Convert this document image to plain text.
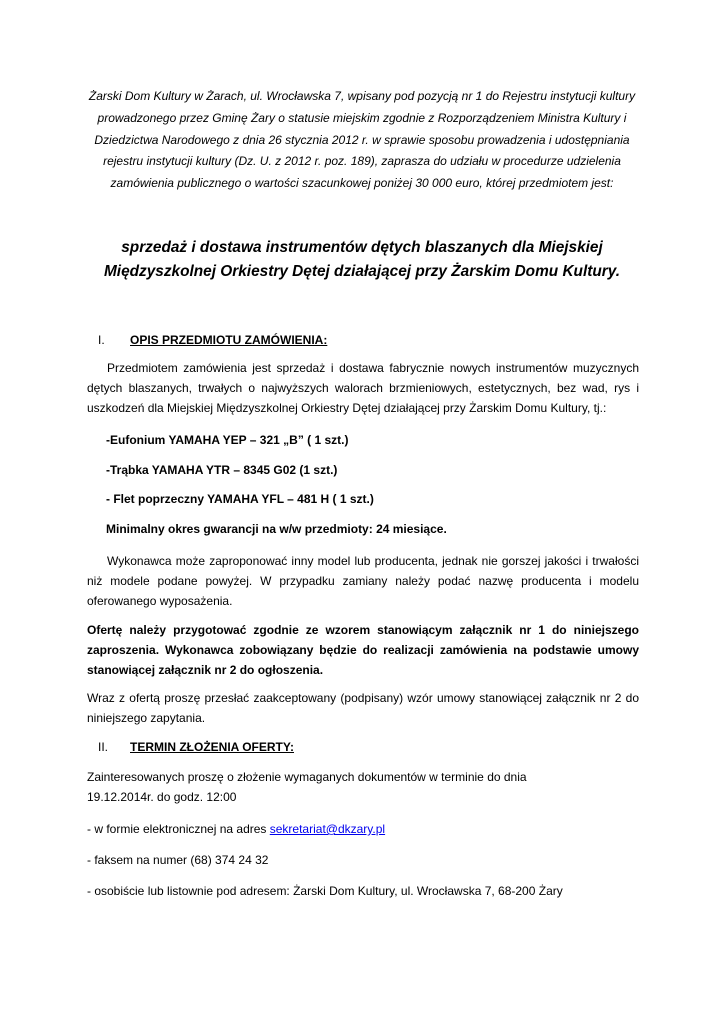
Żarski Dom Kultury w Żarach, ul. Wrocławska 7, wpisany pod pozycją nr 1 do Rejestru instytucji kultury prowadzonego przez Gminę Żary o statusie miejskim zgodnie z Rozporządzeniem Ministra Kultury i Dziedzictwa Narodowego z dnia 26 stycznia 2012 r. w sprawie sposobu prowadzenia i udostępniania rejestru instytucji kultury (Dz. U. z 2012 r. poz. 189), zaprasza do udziału w procedurze udzielenia zamówienia publicznego o wartości szacunkowej poniżej 30 000 euro, której przedmiotem jest:
sprzedaż i dostawa instrumentów dętych blaszanych dla Miejskiej Międzyszkolnej Orkiestry Dętej działającej przy Żarskim Domu Kultury.
I. OPIS PRZEDMIOTU ZAMÓWIENIA:
Przedmiotem zamówienia jest sprzedaż i dostawa fabrycznie nowych instrumentów muzycznych dętych blaszanych, trwałych o najwyższych walorach brzmieniowych, estetycznych, bez wad, rys i uszkodzeń dla Miejskiej Międzyszkolnej Orkiestry Dętej działającej przy Żarskim Domu Kultury, tj.:
-Eufonium YAMAHA YEP – 321 „B” ( 1 szt.)
-Trąbka YAMAHA YTR – 8345 G02 (1 szt.)
- Flet poprzeczny YAMAHA YFL – 481 H ( 1 szt.)
Minimalny okres gwarancji na w/w przedmioty: 24 miesiące.
Wykonawca może zaproponować inny model lub producenta, jednak nie gorszej jakości i trwałości niż modele podane powyżej. W przypadku zamiany należy podać nazwę producenta i modelu oferowanego wyposażenia.
Ofertę należy przygotować zgodnie ze wzorem stanowiącym załącznik nr 1 do niniejszego zaproszenia. Wykonawca zobowiązany będzie do realizacji zamówienia na podstawie umowy stanowiącej załącznik nr 2 do ogłoszenia.
Wraz z ofertą proszę przesłać zaakceptowany (podpisany) wzór umowy stanowiącej załącznik nr 2 do niniejszego zapytania.
II. TERMIN ZŁOŻENIA OFERTY:
Zainteresowanych proszę o złożenie wymaganych dokumentów w terminie do dnia 19.12.2014r. do godz. 12:00
- w formie elektronicznej na adres sekretariat@dkzary.pl
- faksem na numer (68) 374 24 32
- osobiście lub listownie pod adresem: Żarski Dom Kultury, ul. Wrocławska 7, 68-200 Żary
